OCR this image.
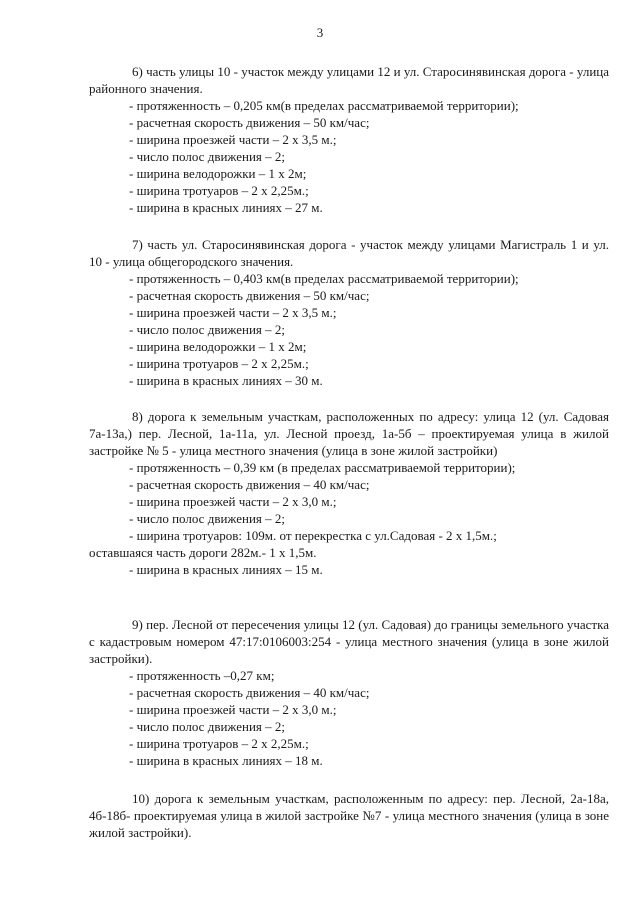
3

6) часть улицы 10 - участок между улицами 12 и ул. Старосинявинская дорога - улица районного значения.

- протяженность – 0,205 км(в пределах рассматриваемой территории);
- расчетная скорость движения – 50 км/час;
- ширина проезжей части – 2 х 3,5 м.;
- число полос движения – 2;
- ширина велодорожки – 1 х 2м;
- ширина тротуаров – 2 х 2,25м.;
- ширина в красных линиях – 27 м.

7) часть ул. Старосинявинская дорога - участок между улицами Магистраль 1 и ул. 10 - улица общегородского значения.

- протяженность – 0,403 км(в пределах рассматриваемой территории);
- расчетная скорость движения – 50 км/час;
- ширина проезжей части – 2 х 3,5 м.;
- число полос движения – 2;
- ширина велодорожки – 1 х 2м;
- ширина тротуаров – 2 х 2,25м.;
- ширина в красных линиях – 30 м.

8) дорога к земельным участкам, расположенных по адресу: улица 12 (ул. Садовая 7а-13а,) пер. Лесной, 1а-11а, ул. Лесной проезд, 1а-5б – проектируемая улица в жилой застройке № 5 - улица местного значения (улица в зоне жилой застройки)

- протяженность – 0,39 км (в пределах рассматриваемой территории);
- расчетная скорость движения – 40 км/час;
- ширина проезжей части – 2 х 3,0 м.;
- число полос движения – 2;
- ширина тротуаров: 109м. от перекрестка с ул.Садовая - 2 х 1,5м.;
оставшаяся часть дороги 282м.- 1 х 1,5м.
- ширина в красных линиях – 15 м.

9) пер. Лесной от пересечения улицы 12 (ул. Садовая) до границы земельного участка с кадастровым номером 47:17:0106003:254 - улица местного значения (улица в зоне жилой застройки).

- протяженность –0,27 км;
- расчетная скорость движения – 40 км/час;
- ширина проезжей части – 2 х 3,0 м.;
- число полос движения – 2;
- ширина тротуаров – 2 х 2,25м.;
- ширина в красных линиях – 18 м.

10) дорога к земельным участкам, расположенным по адресу: пер. Лесной, 2а-18а, 4б-18б- проектируемая улица в жилой застройке №7 - улица местного значения (улица в зоне жилой застройки).
